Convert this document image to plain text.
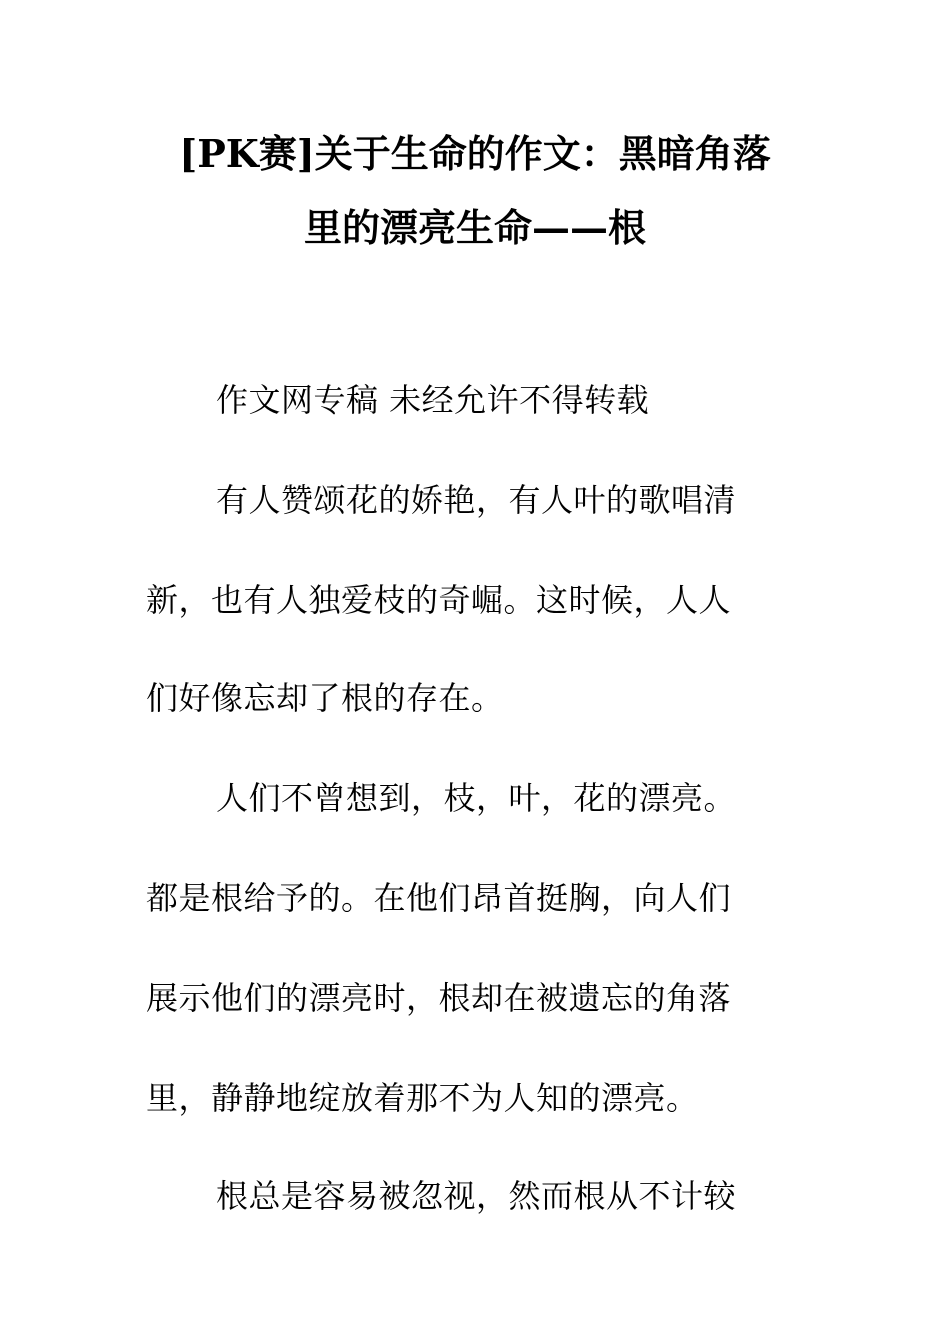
[PK赛]关于生命的作文：黑暗角落
里的漂亮生命——根
作文网专稿 未经允许不得转载
有人赞颂花的娇艳，有人叶的歌唱清
新，也有人独爱枝的奇崛。这时候，人人
们好像忘却了根的存在。
人们不曾想到，枝，叶，花的漂亮。
都是根给予的。在他们昂首挺胸，向人们
展示他们的漂亮时，根却在被遗忘的角落
里，静静地绽放着那不为人知的漂亮。
根总是容易被忽视，然而根从不计较
